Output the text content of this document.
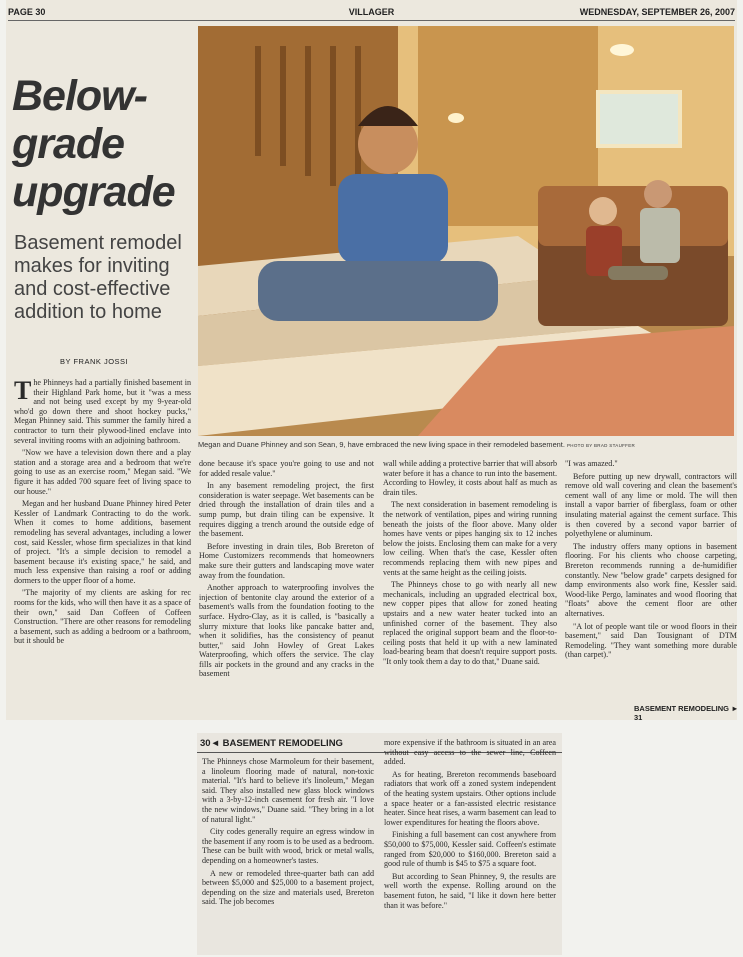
PAGE 30	VILLAGER	WEDNESDAY, SEPTEMBER 26, 2007
Below-grade upgrade
Basement remodel makes for inviting and cost-effective addition to home
BY FRANK JOSSI
Megan and Duane Phinney and son Sean, 9, have embraced the new living space in their remodeled basement. PHOTO BY BRAD STAUFFER

The Phinneys had a partially finished basement in their Highland Park home, but it "was a mess and not being used except by my 9-year-old who'd go down there and shoot hockey pucks," Megan Phinney said. This summer the family hired a contractor to turn their plywood-lined enclave into several inviting rooms with an adjoining bathroom.

"Now we have a television down there and a play station and a storage area and a bedroom that we're going to use as an exercise room," Megan said. "We figure it has added 700 square feet of living space to our house."

Megan and her husband Duane Phinney hired Peter Kessler of Landmark Contracting to do the work. When it comes to home additions, basement remodeling has several advantages, including a lower cost, said Kessler, whose firm specializes in that kind of project. "It's a simple decision to remodel a basement because it's existing space," he said, and much less expensive than raising a roof or adding dormers to the upper floor of a home.

"The majority of my clients are asking for rec rooms for the kids, who will then have it as a space of their own," said Dan Coffeen of Coffeen Construction. "There are other reasons for remodeling a basement, such as adding a bedroom or a bathroom, but it should be

done because it's space you're going to use and not for added resale value."

In any basement remodeling project, the first consideration is water seepage. Wet basements can be dried through the installation of drain tiles and a sump pump, but drain tiling can be expensive. It requires digging a trench around the outside edge of the basement.

Before investing in drain tiles, Bob Brereton of Home Customizers recommends that homeowners make sure their gutters and landscaping move water away from the foundation.

Another approach to waterproofing involves the injection of bentonite clay around the exterior of a basement's walls from the foundation footing to the surface. Hydro-Clay, as it is called, is "basically a slurry mixture that looks like pancake batter and, when it solidifies, has the consistency of peanut butter," said John Howley of Great Lakes Waterproofing, which offers the service. The clay fills air pockets in the ground and any cracks in the basement

wall while adding a protective barrier that will absorb water before it has a chance to run into the basement. According to Howley, it costs about half as much as drain tiles.

The next consideration in basement remodeling is the network of ventilation, pipes and wiring running beneath the joists of the floor above. Many older homes have vents or pipes hanging six to 12 inches below the joists. Enclosing them can make for a very low ceiling. When that's the case, Kessler often recommends replacing them with new pipes and vents at the same height as the ceiling joists.

The Phinneys chose to go with nearly all new mechanicals, including an upgraded electrical box, new copper pipes that allow for zoned heating upstairs and a new water heater tucked into an unfinished corner of the basement. They also replaced the original support beam and the floor-to-ceiling posts that held it up with a new laminated load-bearing beam that doesn't require support posts. "It only took them a day to do that," Duane said.

"I was amazed."

Before putting up new drywall, contractors will remove old wall covering and clean the basement's cement wall of any lime or mold. The will then install a vapor barrier of fiberglass, foam or other insulating material against the cement surface. This is then covered by a second vapor barrier of polyethylene or aluminum.

The industry offers many options in basement flooring. For his clients who choose carpeting, Brereton recommends running a de-humidifier constantly. New "below grade" carpets designed for damp environments also work fine, Kessler said. Wood-like Pergo, laminates and wood flooring that "floats" above the cement floor are other alternatives.

"A lot of people want tile or wood floors in their basement," said Dan Tousignant of DTM Remodeling. "They want something more durable (than carpet)."

BASEMENT REMODELING ► 31
30◄ BASEMENT REMODELING

The Phinneys chose Marmoleum for their basement, a linoleum flooring made of natural, non-toxic material. "It's hard to believe it's linoleum," Megan said. They also installed new glass block windows with a 3-by-12-inch casement for fresh air. "I love the new windows," Duane said. "They bring in a lot of natural light."

City codes generally require an egress window in the basement if any room is to be used as a bedroom. These can be built with wood, brick or metal walls, depending on a homeowner's tastes.

A new or remodeled three-quarter bath can add between $5,000 and $25,000 to a basement project, depending on the size and materials used, Brereton said. The job becomes

more expensive if the bathroom is situated in an area without easy access to the sewer line, Coffeen added.

As for heating, Brereton recommends baseboard radiators that work off a zoned system independent of the heating system upstairs. Other options include a space heater or a fan-assisted electric resistance heater. Since heat rises, a warm basement can lead to lower expenditures for heating the floors above.

Finishing a full basement can cost anywhere from $50,000 to $75,000, Kessler said. Coffeen's estimate ranged from $20,000 to $160,000. Brereton said a good rule of thumb is $45 to $75 a square foot.

But according to Sean Phinney, 9, the results are well worth the expense. Rolling around on the basement futon, he said, "I like it down here better than it was before."
